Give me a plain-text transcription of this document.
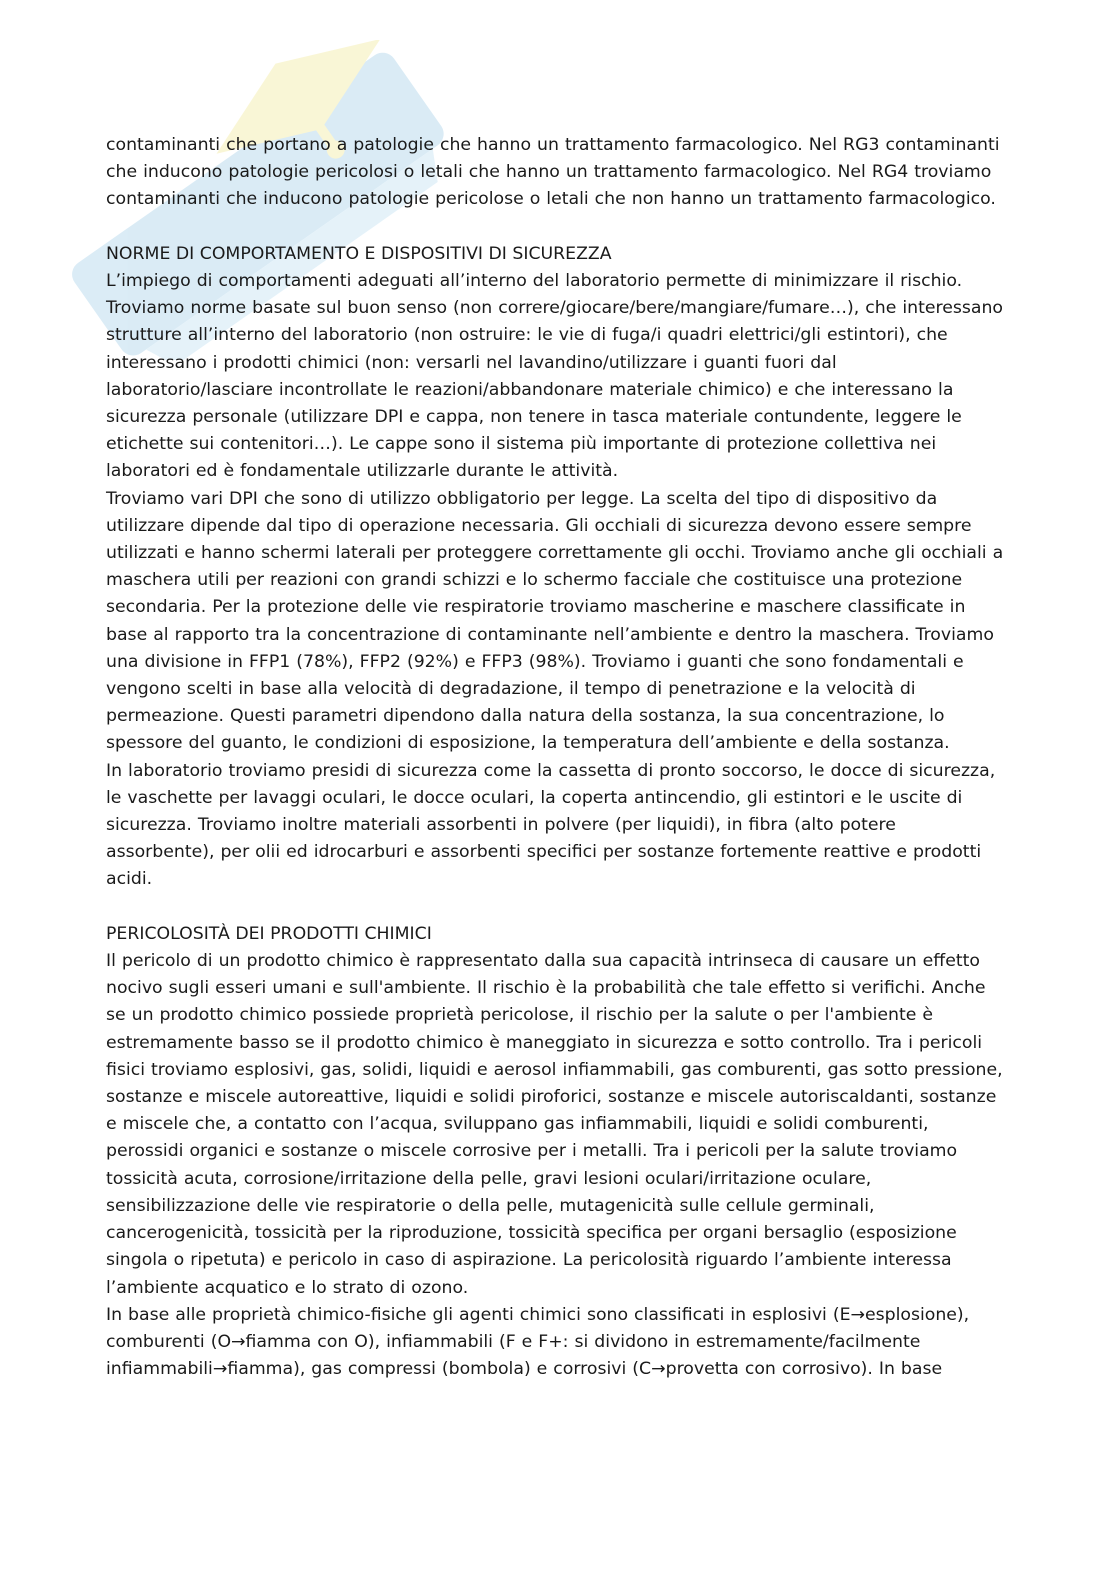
contaminanti che portano a patologie che hanno un trattamento farmacologico. Nel RG3 contaminanti che inducono patologie pericolosi o letali che hanno un trattamento farmacologico. Nel RG4 troviamo contaminanti che inducono patologie pericolose o letali che non hanno un trattamento farmacologico.

NORME DI COMPORTAMENTO E DISPOSITIVI DI SICUREZZA

L’impiego di comportamenti adeguati all’interno del laboratorio permette di minimizzare il rischio. Troviamo norme basate sul buon senso (non correre/giocare/bere/mangiare/fumare…), che interessano strutture all’interno del laboratorio (non ostruire: le vie di fuga/i quadri elettrici/gli estintori), che interessano i prodotti chimici (non: versarli nel lavandino/utilizzare i guanti fuori dal laboratorio/lasciare incontrollate le reazioni/abbandonare materiale chimico) e che interessano la sicurezza personale (utilizzare DPI e cappa, non tenere in tasca materiale contundente, leggere le etichette sui contenitori…). Le cappe sono il sistema più importante di protezione collettiva nei laboratori ed è fondamentale utilizzarle durante le attività.

Troviamo vari DPI che sono di utilizzo obbligatorio per legge. La scelta del tipo di dispositivo da utilizzare dipende dal tipo di operazione necessaria. Gli occhiali di sicurezza devono essere sempre utilizzati e hanno schermi laterali per proteggere correttamente gli occhi. Troviamo anche gli occhiali a maschera utili per reazioni con grandi schizzi e lo schermo facciale che costituisce una protezione secondaria. Per la protezione delle vie respiratorie troviamo mascherine e maschere classificate in base al rapporto tra la concentrazione di contaminante nell’ambiente e dentro la maschera. Troviamo una divisione in FFP1 (78%), FFP2 (92%) e FFP3 (98%). Troviamo i guanti che sono fondamentali e vengono scelti in base alla velocità di degradazione, il tempo di penetrazione e la velocità di permeazione. Questi parametri dipendono dalla natura della sostanza, la sua concentrazione, lo spessore del guanto, le condizioni di esposizione, la temperatura dell’ambiente e della sostanza.

In laboratorio troviamo presidi di sicurezza come la cassetta di pronto soccorso, le docce di sicurezza, le vaschette per lavaggi oculari, le docce oculari, la coperta antincendio, gli estintori e le uscite di sicurezza. Troviamo inoltre materiali assorbenti in polvere (per liquidi), in fibra (alto potere assorbente), per olii ed idrocarburi e assorbenti specifici per sostanze fortemente reattive e prodotti acidi.

PERICOLOSITÀ DEI PRODOTTI CHIMICI

Il pericolo di un prodotto chimico è rappresentato dalla sua capacità intrinseca di causare un effetto nocivo sugli esseri umani e sull'ambiente. Il rischio è la probabilità che tale effetto si verifichi. Anche se un prodotto chimico possiede proprietà pericolose, il rischio per la salute o per l'ambiente è estremamente basso se il prodotto chimico è maneggiato in sicurezza e sotto controllo. Tra i pericoli fisici troviamo esplosivi, gas, solidi, liquidi e aerosol infiammabili, gas comburenti, gas sotto pressione, sostanze e miscele autoreattive, liquidi e solidi piroforici, sostanze e miscele autoriscaldanti, sostanze e miscele che, a contatto con l’acqua, sviluppano gas infiammabili, liquidi e solidi comburenti, perossidi organici e sostanze o miscele corrosive per i metalli. Tra i pericoli per la salute troviamo tossicità acuta, corrosione/irritazione della pelle, gravi lesioni oculari/irritazione oculare, sensibilizzazione delle vie respiratorie o della pelle, mutagenicità sulle cellule germinali, cancerogenicità, tossicità per la riproduzione, tossicità specifica per organi bersaglio (esposizione singola o ripetuta) e pericolo in caso di aspirazione. La pericolosità riguardo l’ambiente interessa l’ambiente acquatico e lo strato di ozono.

In base alle proprietà chimico-fisiche gli agenti chimici sono classificati in esplosivi (E→esplosione), comburenti (O→fiamma con O), infiammabili (F e F+: si dividono in estremamente/facilmente infiammabili→fiamma), gas compressi (bombola) e corrosivi (C→provetta con corrosivo). In base
